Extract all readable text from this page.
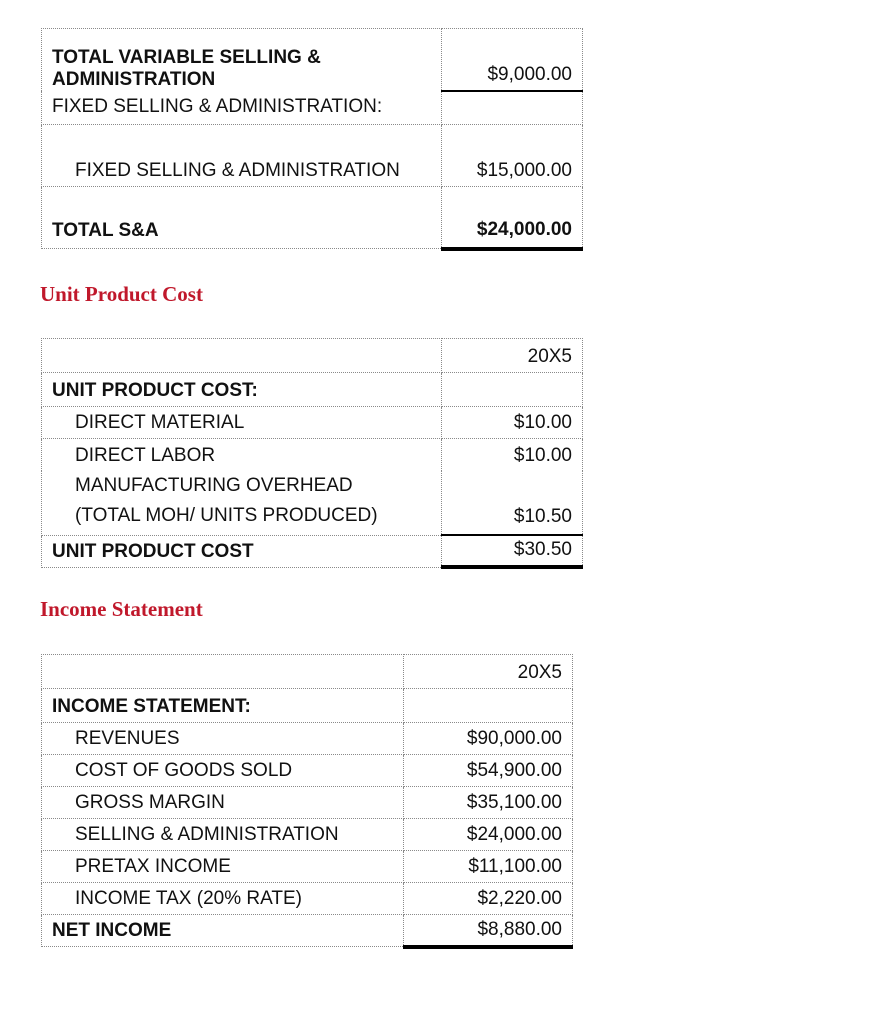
TOTAL VARIABLE SELLING &
ADMINISTRATION	$9,000.00
FIXED SELLING & ADMINISTRATION:	
FIXED SELLING & ADMINISTRATION	$15,000.00
TOTAL S&A	$24,000.00
Unit Product Cost
	20X5
UNIT PRODUCT COST:	
DIRECT MATERIAL	$10.00
DIRECT LABOR	$10.00
MANUFACTURING OVERHEAD
(TOTAL MOH/ UNITS PRODUCED)	$10.50
UNIT PRODUCT COST	$30.50
Income Statement
	20X5
INCOME STATEMENT:	
REVENUES	$90,000.00
COST OF GOODS SOLD	$54,900.00
GROSS MARGIN	$35,100.00
SELLING & ADMINISTRATION	$24,000.00
PRETAX INCOME	$11,100.00
INCOME TAX (20% RATE)	$2,220.00
NET INCOME	$8,880.00
